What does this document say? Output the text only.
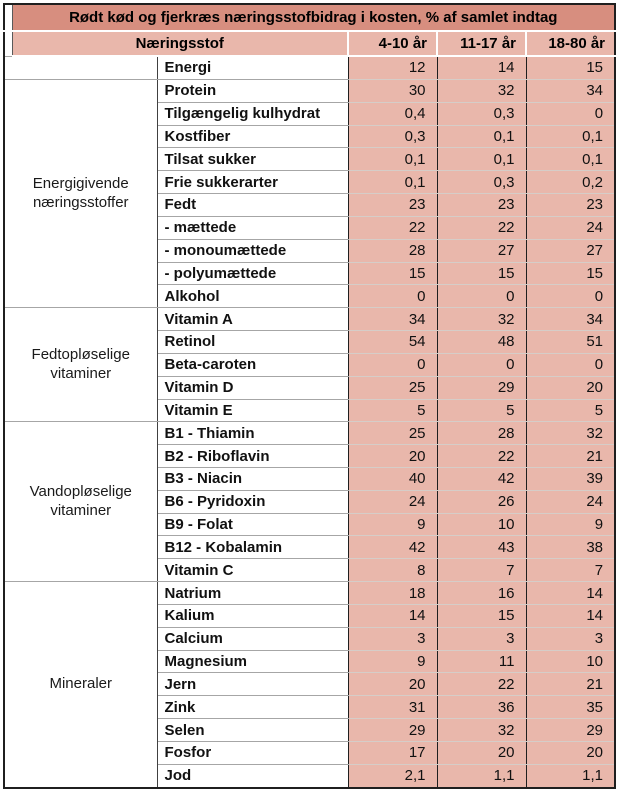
	Rødt kød og fjerkræs næringsstofbidrag i kosten, % af samlet indtag				
	Næringsstof		4-10 år	11-17 år	18-80 år
		Energi	12	14	15
Energigivende næringsstoffer		Protein	30	32	34
		Tilgængelig kulhydrat	0,4	0,3	0
		Kostfiber	0,3	0,1	0,1
		Tilsat sukker	0,1	0,1	0,1
		Frie sukkerarter	0,1	0,3	0,2
		Fedt	23	23	23
		- mættede	22	22	24
		- monoumættede	28	27	27
		- polyumættede	15	15	15
		Alkohol	0	0	0
Fedtopløselige vitaminer		Vitamin A	34	32	34
		Retinol	54	48	51
		Beta-caroten	0	0	0
		Vitamin D	25	29	20
		Vitamin E	5	5	5
Vandopløselige vitaminer		B1 - Thiamin	25	28	32
		B2 - Riboflavin	20	22	21
		B3 - Niacin	40	42	39
		B6 - Pyridoxin	24	26	24
		B9 - Folat	9	10	9
		B12 - Kobalamin	42	43	38
		Vitamin C	8	7	7
Mineraler		Natrium	18	16	14
		Kalium	14	15	14
		Calcium	3	3	3
		Magnesium	9	11	10
		Jern	20	22	21
		Zink	31	36	35
		Selen	29	32	29
		Fosfor	17	20	20
		Jod	2,1	1,1	1,1
